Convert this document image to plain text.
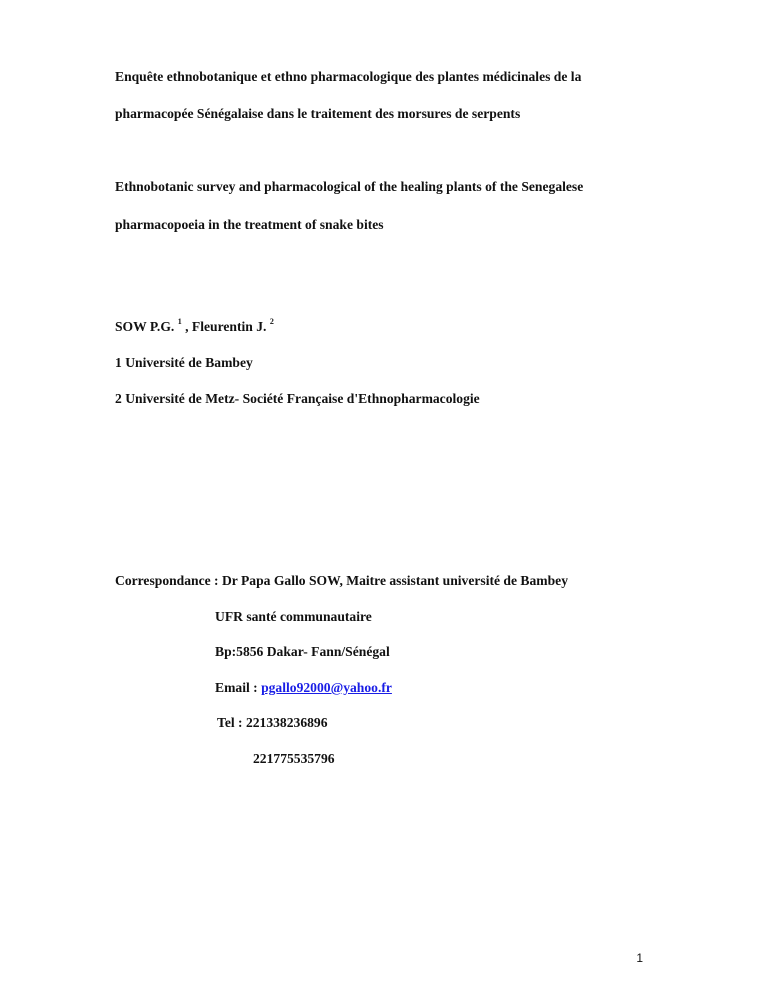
Enquête ethnobotanique et ethno pharmacologique des plantes médicinales de la
pharmacopée Sénégalaise dans le traitement des morsures de serpents
Ethnobotanic survey and pharmacological of the healing plants of the Senegalese
pharmacopoeia in the treatment of snake bites
SOW P.G. $^1$ , Fleurentin J. $^2$
1 Université de Bambey
2 Université de Metz- Société Française d'Ethnopharmacologie
Correspondance : Dr Papa Gallo SOW, Maitre assistant université de Bambey
UFR santé communautaire
Bp:5856 Dakar- Fann/Sénégal
Email : pgallo92000@yahoo.fr
Tel : 221338236896
221775535796
1
